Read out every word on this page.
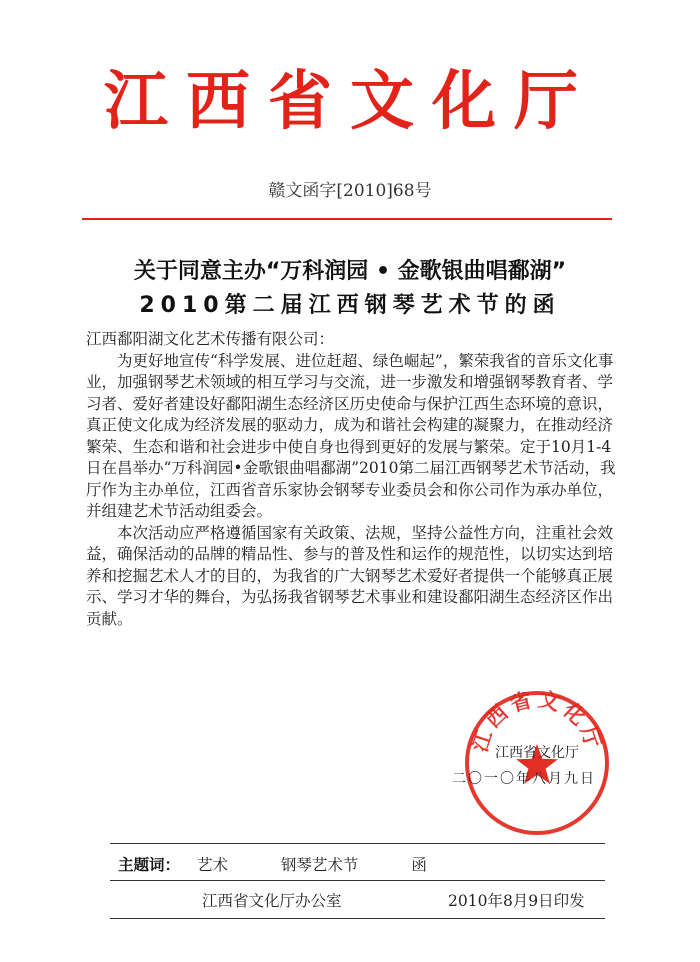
江西省文化厅
赣文函字[2010]68号
关于同意主办“万科润园 • 金歌银曲唱鄱湖”
2010第二届江西钢琴艺术节的函

江西鄱阳湖文化艺术传播有限公司：

为更好地宣传“科学发展、进位赶超、绿色崛起”，繁荣我省的音乐文化事业，加强钢琴艺术领域的相互学习与交流，进一步激发和增强钢琴教育者、学习者、爱好者建设好鄱阳湖生态经济区历史使命与保护江西生态环境的意识，真正使文化成为经济发展的驱动力，成为和谐社会构建的凝聚力，在推动经济繁荣、生态和谐和社会进步中使自身也得到更好的发展与繁荣。定于10月1-4日在昌举办“万科润园•金歌银曲唱鄱湖”2010第二届江西钢琴艺术节活动，我厅作为主办单位，江西省音乐家协会钢琴专业委员会和你公司作为承办单位，并组建艺术节活动组委会。

本次活动应严格遵循国家有关政策、法规，坚持公益性方向，注重社会效益，确保活动的品牌的精品性、参与的普及性和运作的规范性，以切实达到培养和挖掘艺术人才的目的，为我省的广大钢琴艺术爱好者提供一个能够真正展示、学习才华的舞台，为弘扬我省钢琴艺术事业和建设鄱阳湖生态经济区作出贡献。

江西省文化厅
江西省文化厅
二〇一〇年八月九日
主题词： 艺术	钢琴艺术节	函
江西省文化厅办公室	2010年8月9日印发
